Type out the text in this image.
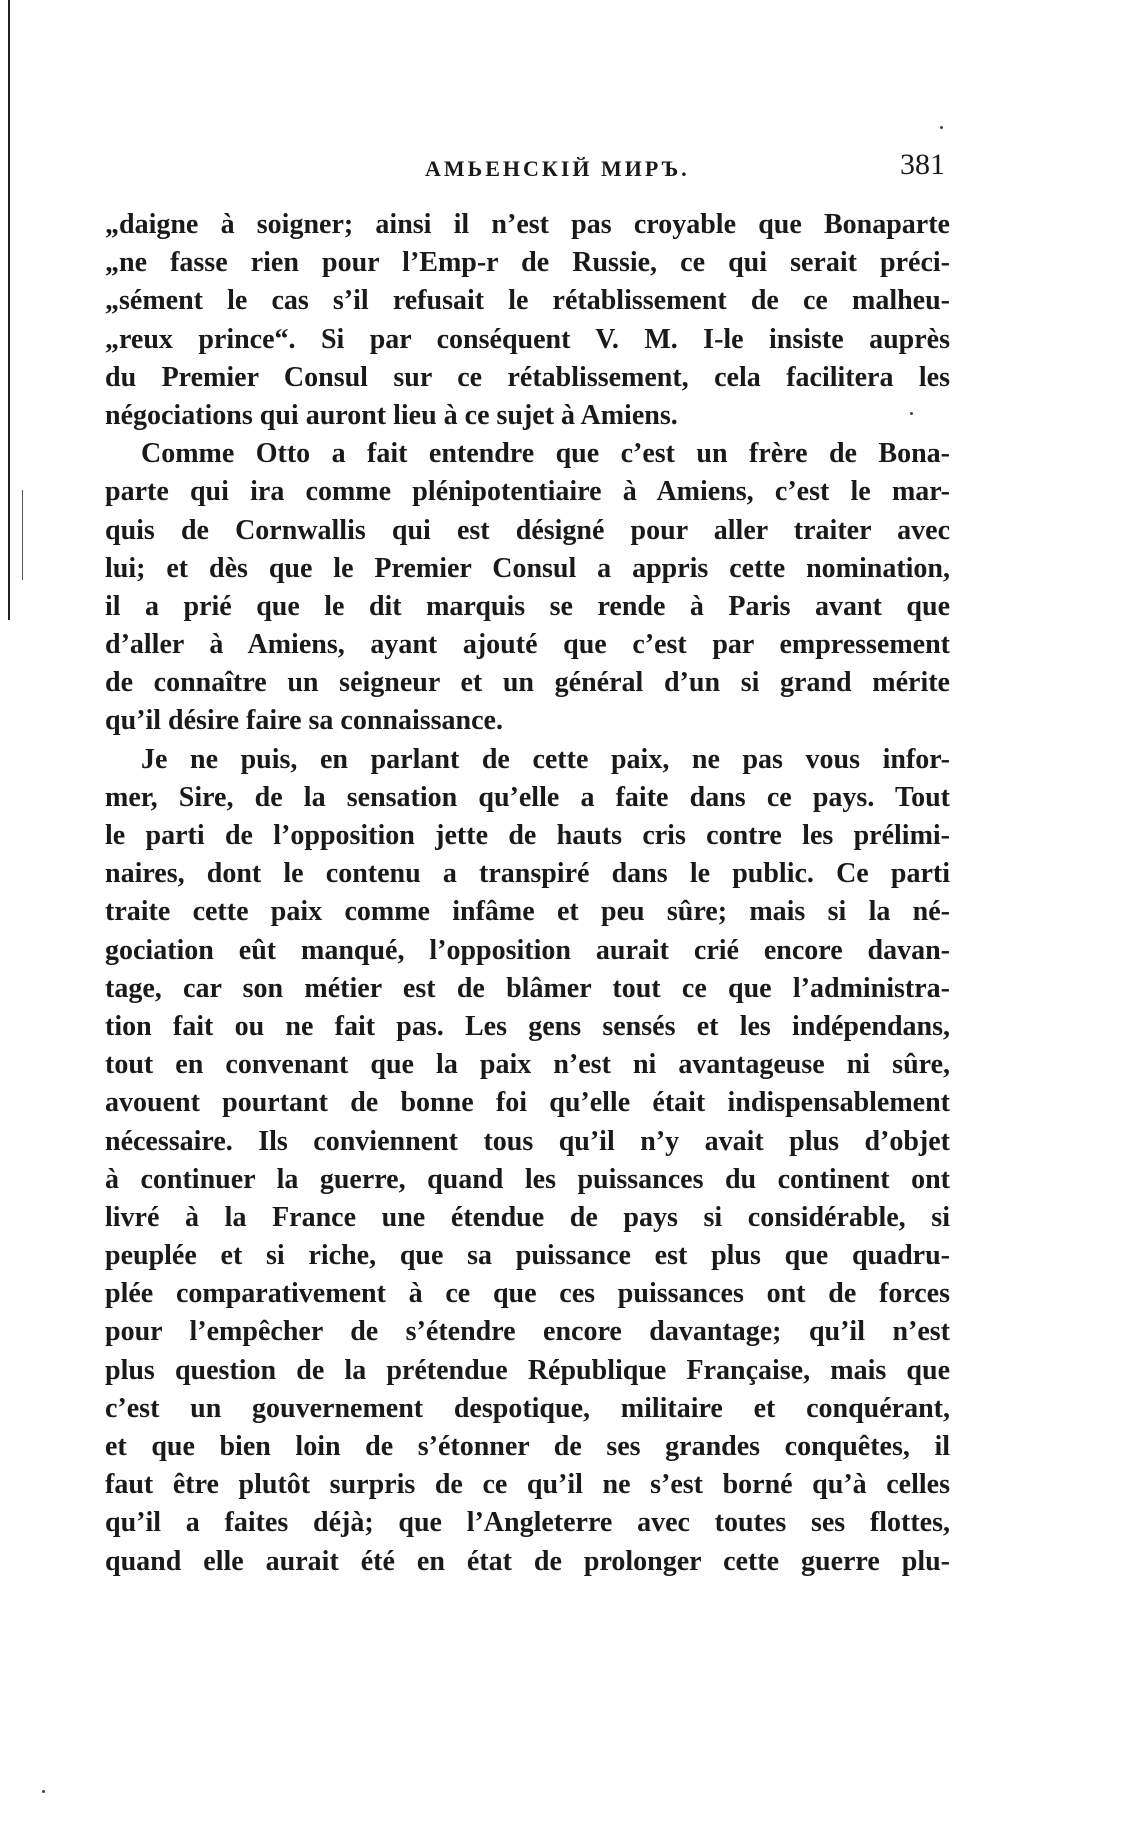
АМЬЕНСКІЙ МИРЪ.	381
„daigne à soigner; ainsi il n’est pas croyable que Bonaparte
„ne fasse rien pour l’Emp-r de Russie, ce qui serait préci-
„sément le cas s’il refusait le rétablissement de ce malheu-
„reux prince“. Si par conséquent V. M. I-le insiste auprès
du Premier Consul sur ce rétablissement, cela facilitera les
négociations qui auront lieu à ce sujet à Amiens.
Comme Otto a fait entendre que c’est un frère de Bona-
parte qui ira comme plénipotentiaire à Amiens, c’est le mar-
quis de Cornwallis qui est désigné pour aller traiter avec
lui; et dès que le Premier Consul a appris cette nomination,
il a prié que le dit marquis se rende à Paris avant que
d’aller à Amiens, ayant ajouté que c’est par empressement
de connaître un seigneur et un général d’un si grand mérite
qu’il désire faire sa connaissance.
Je ne puis, en parlant de cette paix, ne pas vous infor-
mer, Sire, de la sensation qu’elle a faite dans ce pays. Tout
le parti de l’opposition jette de hauts cris contre les prélimi-
naires, dont le contenu a transpiré dans le public. Ce parti
traite cette paix comme infâme et peu sûre; mais si la né-
gociation eût manqué, l’opposition aurait crié encore davan-
tage, car son métier est de blâmer tout ce que l’administra-
tion fait ou ne fait pas. Les gens sensés et les indépendans,
tout en convenant que la paix n’est ni avantageuse ni sûre,
avouent pourtant de bonne foi qu’elle était indispensablement
nécessaire. Ils conviennent tous qu’il n’y avait plus d’objet
à continuer la guerre, quand les puissances du continent ont
livré à la France une étendue de pays si considérable, si
peuplée et si riche, que sa puissance est plus que quadru-
plée comparativement à ce que ces puissances ont de forces
pour l’empêcher de s’étendre encore davantage; qu’il n’est
plus question de la prétendue République Française, mais que
c’est un gouvernement despotique, militaire et conquérant,
et que bien loin de s’étonner de ses grandes conquêtes, il
faut être plutôt surpris de ce qu’il ne s’est borné qu’à celles
qu’il a faites déjà; que l’Angleterre avec toutes ses flottes,
quand elle aurait été en état de prolonger cette guerre plu-
